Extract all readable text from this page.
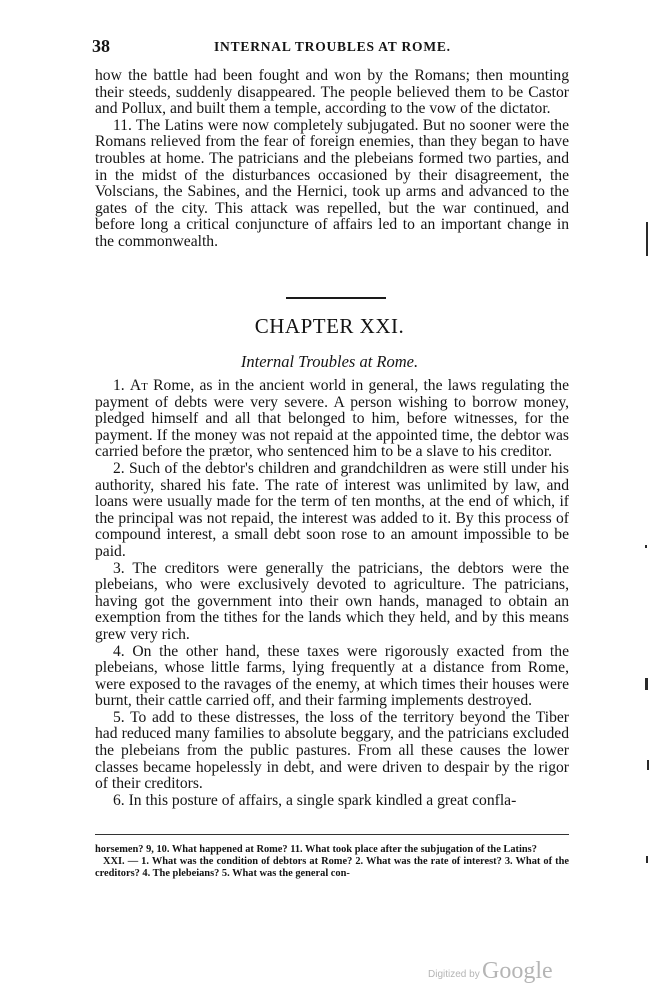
38	INTERNAL TROUBLES AT ROME.

how the battle had been fought and won by the Romans; then mounting their steeds, suddenly disappeared. The people believed them to be Castor and Pollux, and built them a temple, according to the vow of the dictator.

11. The Latins were now completely subjugated. But no sooner were the Romans relieved from the fear of foreign enemies, than they began to have troubles at home. The patricians and the plebeians formed two parties, and in the midst of the disturbances occasioned by their disagreement, the Volscians, the Sabines, and the Hernici, took up arms and advanced to the gates of the city. This attack was repelled, but the war continued, and before long a critical conjuncture of affairs led to an important change in the commonwealth.

CHAPTER XXI.
Internal Troubles at Rome.

1. At Rome, as in the ancient world in general, the laws regulating the payment of debts were very severe. A person wishing to borrow money, pledged himself and all that belonged to him, before witnesses, for the payment. If the money was not repaid at the appointed time, the debtor was carried before the prætor, who sentenced him to be a slave to his creditor.

2. Such of the debtor's children and grandchildren as were still under his authority, shared his fate. The rate of interest was unlimited by law, and loans were usually made for the term of ten months, at the end of which, if the principal was not repaid, the interest was added to it. By this process of compound interest, a small debt soon rose to an amount impossible to be paid.

3. The creditors were generally the patricians, the debtors were the plebeians, who were exclusively devoted to agriculture. The patricians, having got the government into their own hands, managed to obtain an exemption from the tithes for the lands which they held, and by this means grew very rich.

4. On the other hand, these taxes were rigorously exacted from the plebeians, whose little farms, lying frequently at a distance from Rome, were exposed to the ravages of the enemy, at which times their houses were burnt, their cattle carried off, and their farming implements destroyed.

5. To add to these distresses, the loss of the territory beyond the Tiber had reduced many families to absolute beggary, and the patricians excluded the plebeians from the public pastures. From all these causes the lower classes became hopelessly in debt, and were driven to despair by the rigor of their creditors.

6. In this posture of affairs, a single spark kindled a great confla-

horsemen? 9, 10. What happened at Rome? 11. What took place after the subjugation of the Latins?

XXI. — 1. What was the condition of debtors at Rome? 2. What was the rate of interest? 3. What of the creditors? 4. The plebeians? 5. What was the general con-

Digitized by Google
